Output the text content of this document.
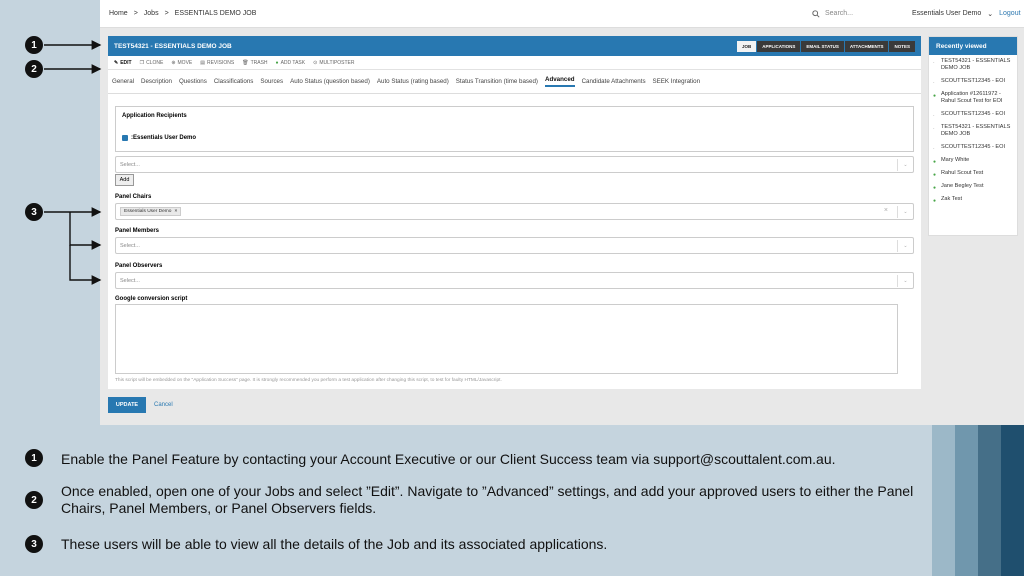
Home > Jobs > ESSENTIALS DEMO JOB	Search...	Essentials User Demo ⌄ Logout
TEST54321 - ESSENTIALS DEMO JOB	JOB	APPLICATIONS	EMAIL STATUS	ATTACHMENTS	NOTES
✎ EDIT ❐ CLONE ⊕ MOVE ▤ REVISIONS 🗑 TRASH ● ADD TASK ⊙ MULTIPOSTER
General Description Questions Classifications Sources Auto Status (question based) Auto Status (rating based) Status Transition (time based) Advanced Candidate Attachments SEEK Integration
Application Recipients
:Essentials User Demo
Select...	⌄
Add
Panel Chairs
Essentials User Demo ×	×	⌄
Panel Members
Select...	⌄
Panel Observers
Select...	⌄
Google conversion script
This script will be embedded on the "Application Success" page. It is strongly recommended you perform a test application after changing this script, to test for faulty HTML/Javascript.
UPDATE	Cancel
Recently viewed
· TEST54321 - ESSENTIALS DEMO JOB
· SCOUTTEST12345 - EOI
● Application #12611972 - Rahul Scout Test for EOI
· SCOUTTEST12345 - EOI
· TEST54321 - ESSENTIALS DEMO JOB
· SCOUTTEST12345 - EOI
● Mary White
● Rahul Scout Test
● Jane Begley Test
● Zak Test
1
2
3
1	Enable the Panel Feature by contacting your Account Executive or our Client Success team via support@scouttalent.com.au.
2
Once enabled, open one of your Jobs and select ”Edit”. Navigate to ”Advanced” settings, and add your approved users to either the Panel Chairs, Panel Members, or Panel Observers fields.
3	These users will be able to view all the details of the Job and its associated applications.
